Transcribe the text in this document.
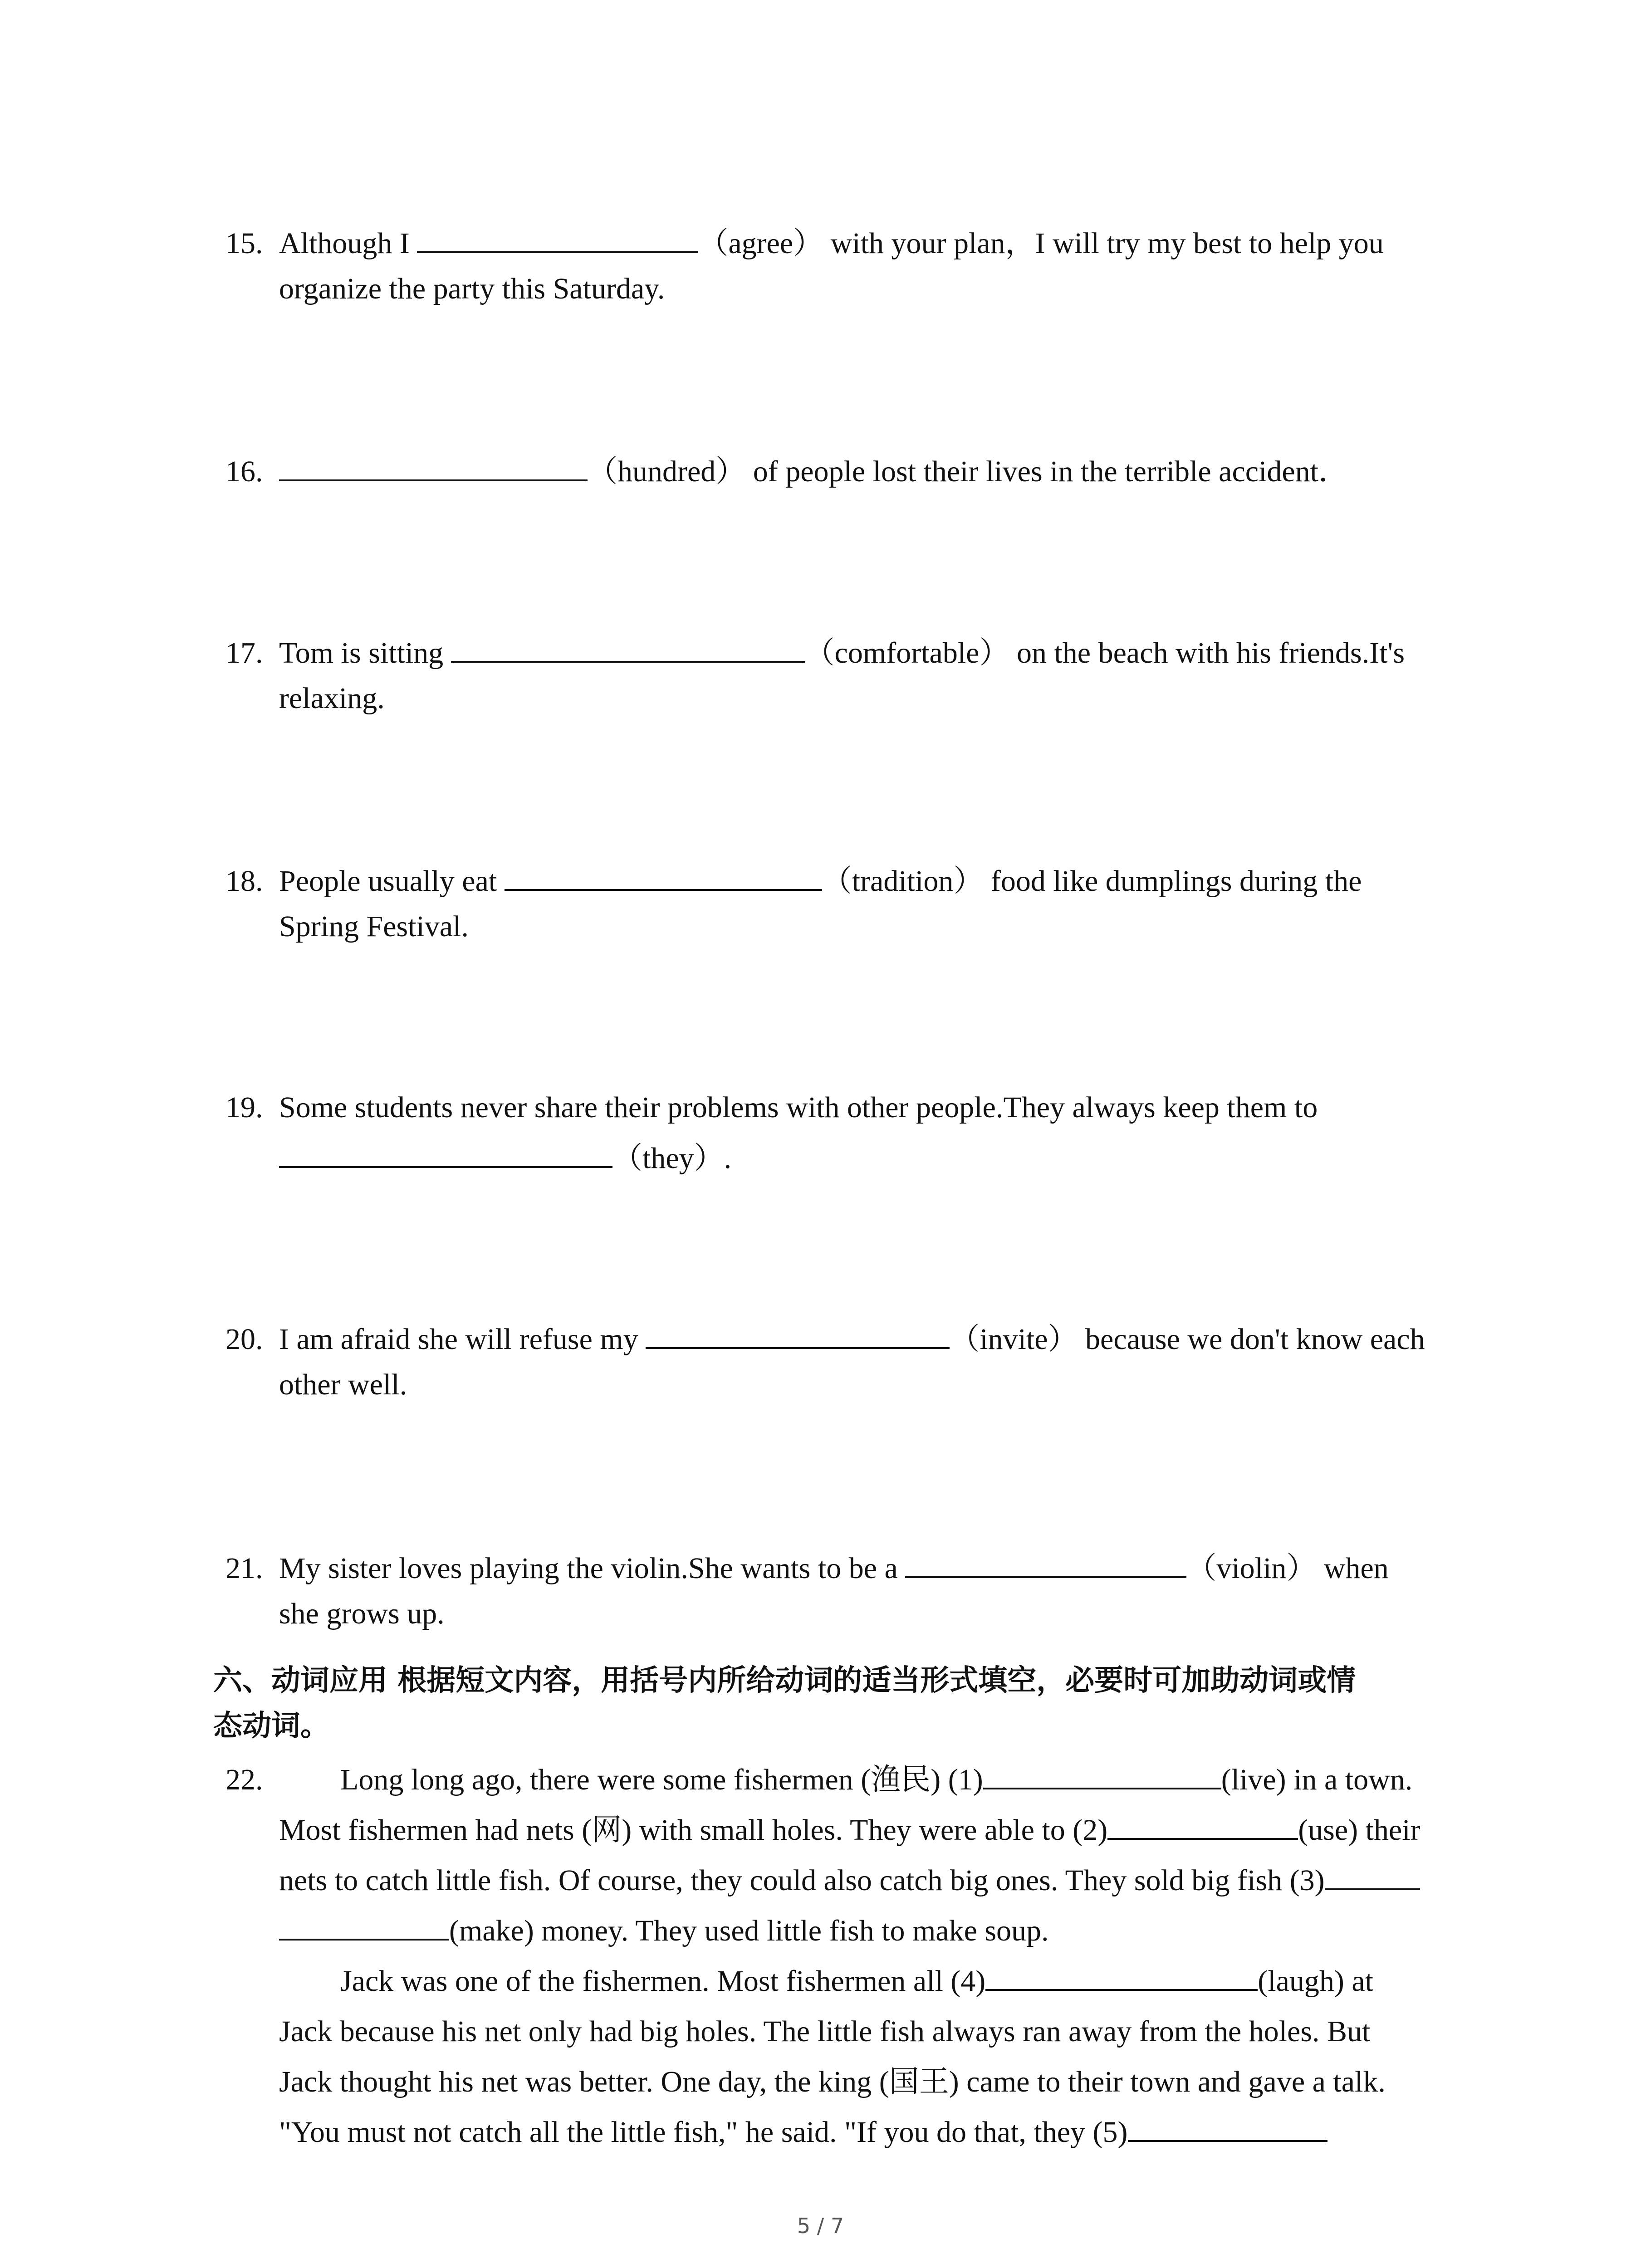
15. Although I	（agree） with your plan，I will try my best to help you
organize the party this Saturday.
16.	（hundred） of people lost their lives in the terrible accident．
17. Tom is sitting	（comfortable） on the beach with his friends.It's
relaxing.
18. People usually eat	（tradition） food like dumplings during the
Spring Festival.
19. Some students never share their problems with other people.They always keep them to
（they）.
20. I am afraid she will refuse my	（invite） because we don't know each
other well.
21. My sister loves playing the violin.She wants to be a	（violin） when
she grows up.
六、动词应用 根据短文内容，用括号内所给动词的适当形式填空，必要时可加助动词或情
态动词。
22.	Long long ago, there were some fishermen (渔民) (1)	(live) in a town.

Most fishermen had nets (网) with small holes. They were able to (2)	(use) their

nets to catch little fish. Of course, they could also catch big ones. They sold big fish (3)

(make) money. They used little fish to make soup.

Jack was one of the fishermen. Most fishermen all (4)	(laugh) at

Jack because his net only had big holes. The little fish always ran away from the holes. But

Jack thought his net was better. One day, the king (国王) came to their town and gave a talk.

"You must not catch all the little fish," he said. "If you do that, they (5)

5 / 7
